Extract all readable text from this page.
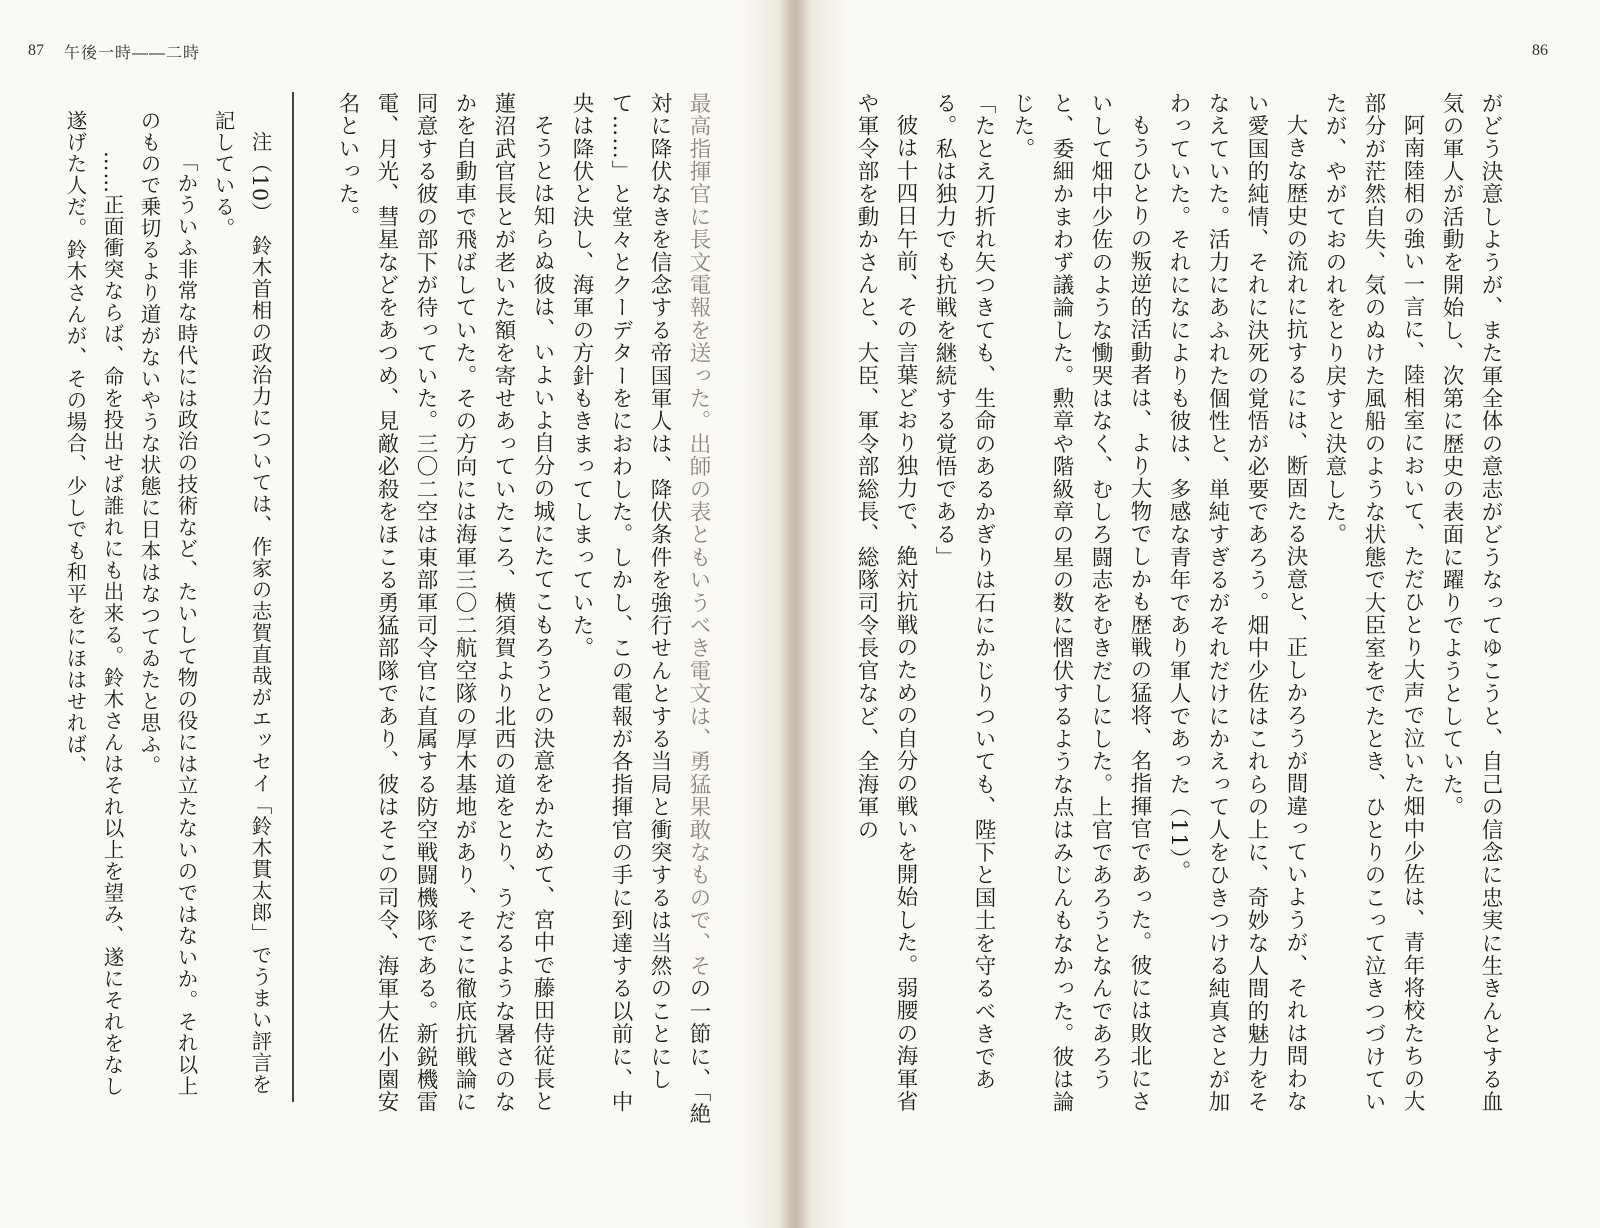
87 午後一時――二時

最高指揮官に長文電報を送った。出師の表ともいうべき電文は、勇猛果敢なもので、その一節に、「絶対に降伏なきを信念する帝国軍人は、降伏条件を強行せんとする当局と衝突するは当然のことにして……」と堂々とクーデターをにおわした。しかし、この電報が各指揮官の手に到達する以前に、中央は降伏と決し、海軍の方針もきまってしまっていた。

そうとは知らぬ彼は、いよいよ自分の城にたてこもろうとの決意をかためて、宮中で藤田侍従長と蓮沼武官長とが老いた額を寄せあっていたころ、横須賀より北西の道をとり、うだるような暑さのなかを自動車で飛ばしていた。その方向には海軍三〇二航空隊の厚木基地があり、そこに徹底抗戦論に同意する彼の部下が待っていた。三〇二空は東部軍司令官に直属する防空戦闘機隊である。新鋭機雷電、月光、彗星などをあつめ、見敵必殺をほこる勇猛部隊であり、彼はそこの司令、海軍大佐小園安名といった。

注（10）　鈴木首相の政治力については、作家の志賀直哉がエッセイ「鈴木貫太郎」でうまい評言を記している。

「かういふ非常な時代には政治の技術など、たいして物の役には立たないのではないか。それ以上のもので乗切るより道がないやうな状態に日本はなつてゐたと思ふ。

……正面衝突ならば、命を投出せば誰れにも出来る。鈴木さんはそれ以上を望み、遂にそれをなし遂げた人だ。鈴木さんが、その場合、少しでも和平をにほはせれば、

86

がどう決意しようが、また軍全体の意志がどうなってゆこうと、自己の信念に忠実に生きんとする血気の軍人が活動を開始し、次第に歴史の表面に躍りでようとしていた。

阿南陸相の強い一言に、陸相室において、ただひとり大声で泣いた畑中少佐は、青年将校たちの大部分が茫然自失、気のぬけた風船のような状態で大臣室をでたとき、ひとりのこって泣きつづけていたが、やがておのれをとり戻すと決意した。

大きな歴史の流れに抗するには、断固たる決意と、正しかろうが間違っていようが、それは問わない愛国的純情、それに決死の覚悟が必要であろう。畑中少佐はこれらの上に、奇妙な人間的魅力をそなえていた。活力にあふれた個性と、単純すぎるがそれだけにかえって人をひきつける純真さとが加わっていた。それになによりも彼は、多感な青年であり軍人であった（11）。

もうひとりの叛逆的活動者は、より大物でしかも歴戦の猛将、名指揮官であった。彼には敗北にさいして畑中少佐のような慟哭はなく、むしろ闘志をむきだしにした。上官であろうとなんであろうと、委細かまわず議論した。勲章や階級章の星の数に慴伏するような点はみじんもなかった。彼は論じた。

「たとえ刀折れ矢つきても、生命のあるかぎりは石にかじりついても、陛下と国土を守るべきである。私は独力でも抗戦を継続する覚悟である」

彼は十四日午前、その言葉どおり独力で、絶対抗戦のための自分の戦いを開始した。弱腰の海軍省や軍令部を動かさんと、大臣、軍令部総長、総隊司令長官など、全海軍の
